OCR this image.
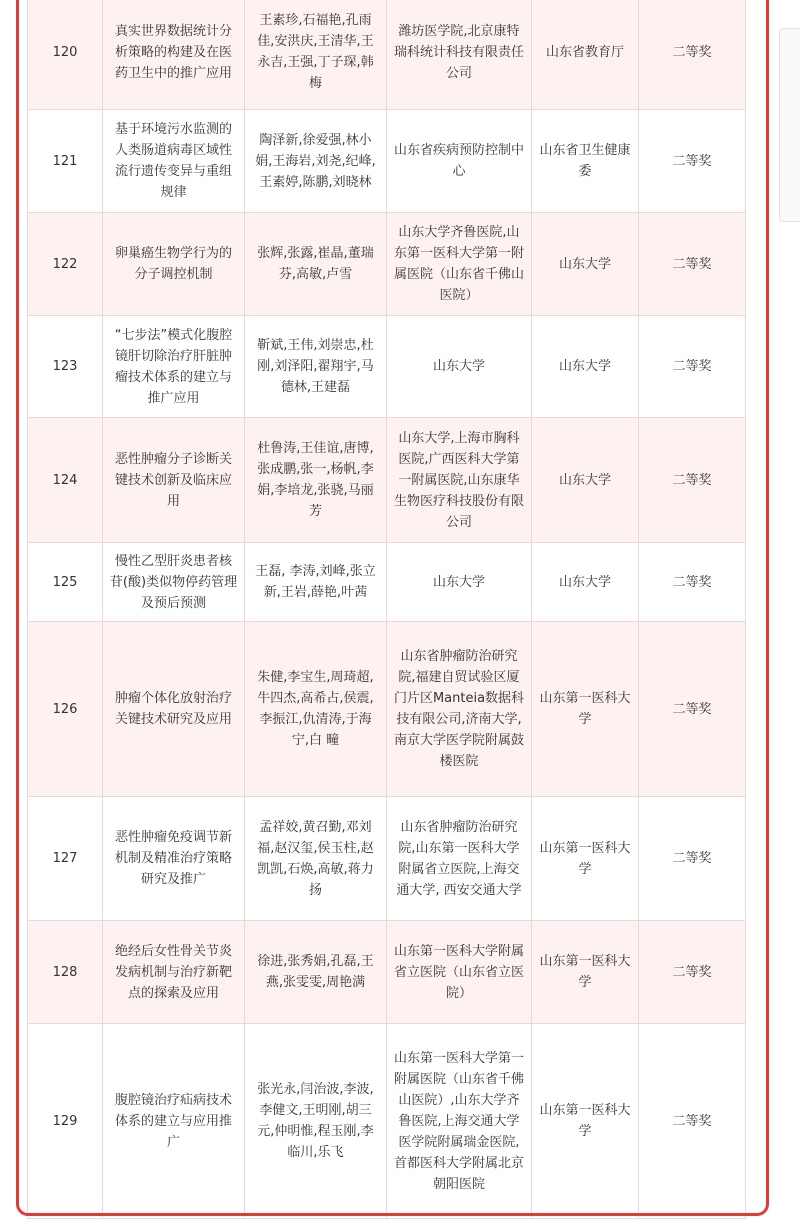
120	真实世界数据统计分析策略的构建及在医药卫生中的推广应用	王素珍,石福艳,孔雨佳,安洪庆,王清华,王永吉,王强,丁子琛,韩梅	潍坊医学院,北京康特瑞科统计科技有限责任公司	山东省教育厅	二等奖
121	基于环境污水监测的人类肠道病毒区域性流行遗传变异与重组规律	陶泽新,徐爱强,林小娟,王海岩,刘尧,纪峰,王素婷,陈鹏,刘晓林	山东省疾病预防控制中心	山东省卫生健康委	二等奖
122	卵巢癌生物学行为的分子调控机制	张辉,张露,崔晶,董瑞芬,高敏,卢雪	山东大学齐鲁医院,山东第一医科大学第一附属医院（山东省千佛山医院）	山东大学	二等奖
123	“七步法”模式化腹腔镜肝切除治疗肝脏肿瘤技术体系的建立与推广应用	靳斌,王伟,刘崇忠,杜刚,刘泽阳,翟翔宇,马德林,王建磊	山东大学	山东大学	二等奖
124	恶性肿瘤分子诊断关键技术创新及临床应用	杜鲁涛,王佳谊,唐博,张成鹏,张一,杨帆,李娟,李培龙,张骁,马丽芳	山东大学,上海市胸科医院,广西医科大学第一附属医院,山东康华生物医疗科技股份有限公司	山东大学	二等奖
125	慢性乙型肝炎患者核苷(酸)类似物停药管理及预后预测	王磊, 李涛,刘峰,张立新,王岩,薛艳,叶茜	山东大学	山东大学	二等奖
126	肿瘤个体化放射治疗关键技术研究及应用	朱健,李宝生,周琦超,牛四杰,高希占,侯震,李振江,仇清涛,于海宁,白 疃	山东省肿瘤防治研究院,福建自贸试验区厦门片区Manteia数据科技有限公司,济南大学,南京大学医学院附属鼓楼医院	山东第一医科大学	二等奖
127	恶性肿瘤免疫调节新机制及精准治疗策略研究及推广	孟祥姣,黄召勤,邓刘福,赵汉玺,侯玉柱,赵凯凯,石焕,高敏,蒋力扬	山东省肿瘤防治研究院,山东第一医科大学附属省立医院,上海交通大学, 西安交通大学	山东第一医科大学	二等奖
128	绝经后女性骨关节炎发病机制与治疗新靶点的探索及应用	徐进,张秀娟,孔磊,王燕,张雯雯,周艳满	山东第一医科大学附属省立医院（山东省立医院）	山东第一医科大学	二等奖
129	腹腔镜治疗疝病技术体系的建立与应用推广	张光永,闫治波,李波,李健文,王明刚,胡三元,仲明惟,程玉刚,李临川,乐飞	山东第一医科大学第一附属医院（山东省千佛山医院）,山东大学齐鲁医院,上海交通大学医学院附属瑞金医院,首都医科大学附属北京朝阳医院	山东第一医科大学	二等奖
